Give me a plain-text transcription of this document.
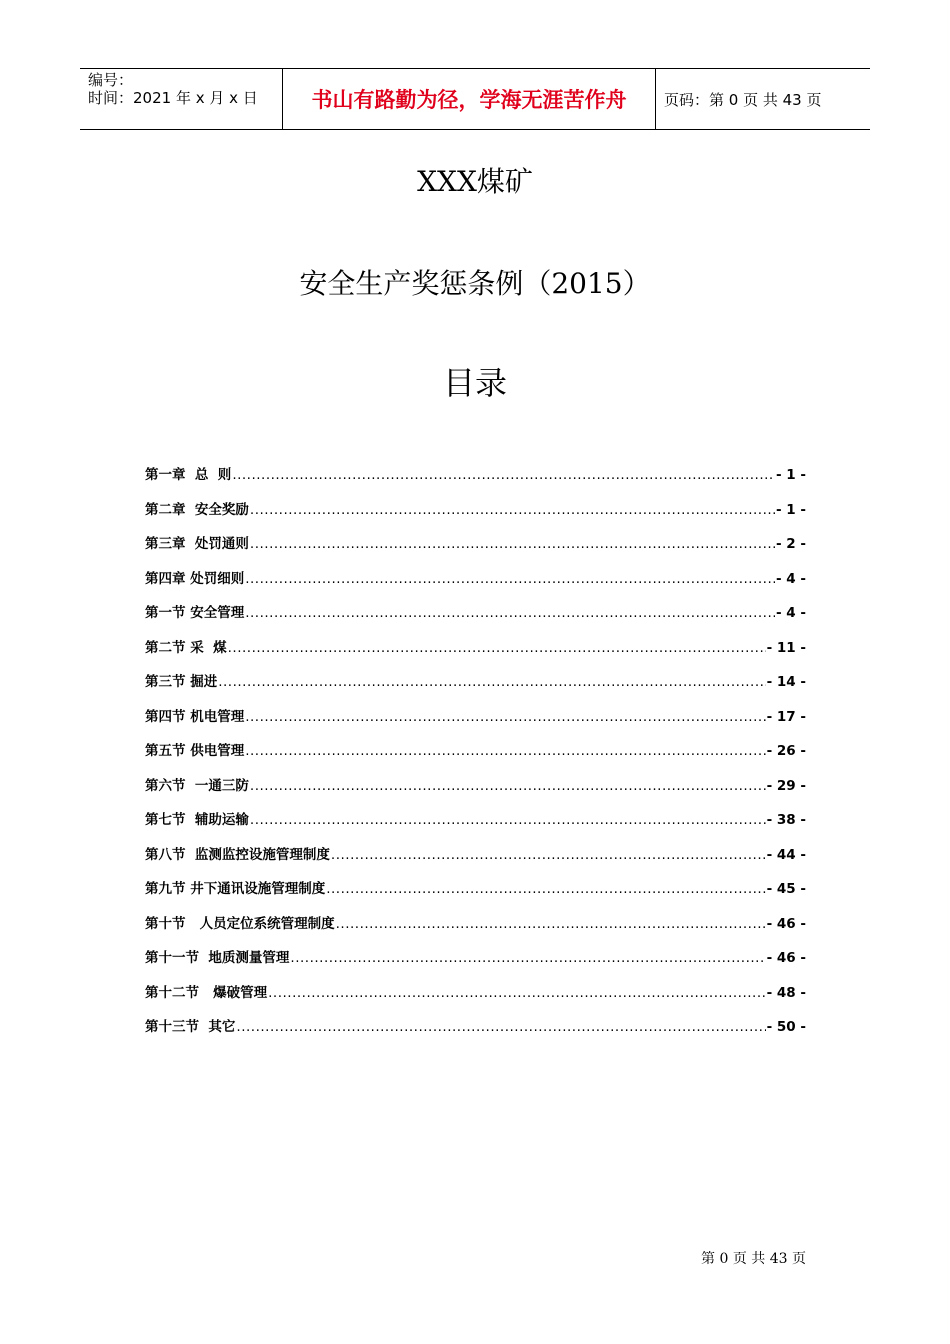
编号：
时间：2021 年 x 月 x 日	书山有路勤为径，学海无涯苦作舟	页码：第 0 页 共 43 页
XXX煤矿
安全生产奖惩条例（2015）
目录
第一章  总  则 .....	- 1 -
第二章  安全奖励 .....	- 1 -
第三章  处罚通则 .....	- 2 -
第四章 处罚细则 .....	- 4 -
第一节 安全管理 .....	- 4 -
第二节 采  煤 .....	- 11 -
第三节 掘进 .....	- 14 -
第四节 机电管理 .....	- 17 -
第五节 供电管理 .....	- 26 -
第六节  一通三防 .....	- 29 -
第七节  辅助运输 .....	- 38 -
第八节  监测监控设施管理制度 .....	- 44 -
第九节 井下通讯设施管理制度 .....	- 45 -
第十节   人员定位系统管理制度 .....	- 46 -
第十一节  地质测量管理 .....	- 46 -
第十二节   爆破管理 .....	- 48 -
第十三节  其它 .....	- 50 -
第 0 页 共 43 页
